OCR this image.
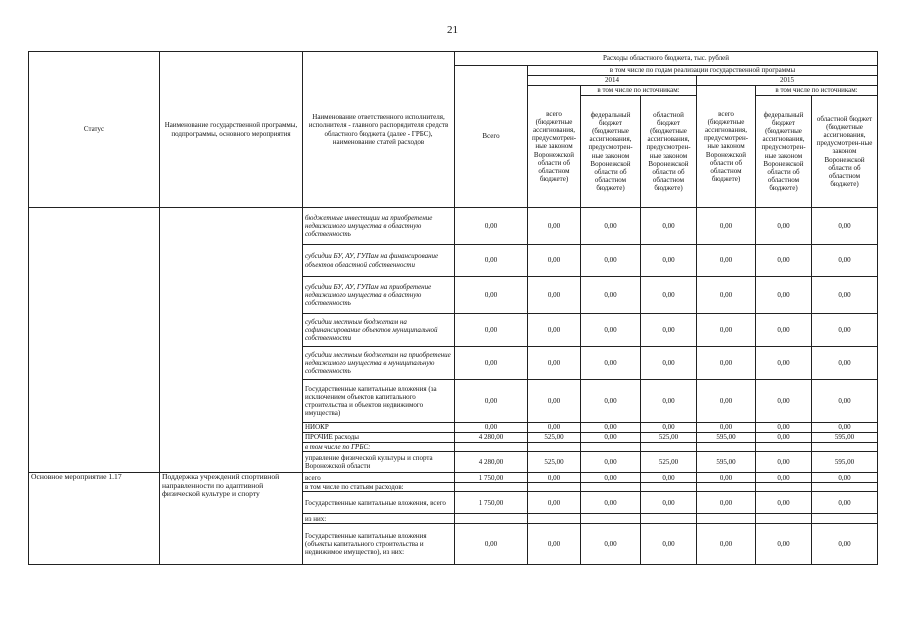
21
Статус	Наименование государственной программы, подпрограммы, основного мероприятия	Наименование ответственного исполнителя, исполнителя - главного распорядителя средств областного бюджета (далее - ГРБС), наименование статей расходов	Расходы областного бюджета, тыс. рублей						
			Всего	в том числе по годам реализации государственной программы					
				2014			2015		
				всего (бюджетные ассигнования, предусмотрен-ные законом Воронежской области об областном бюджете)	в том числе по источникам:		всего (бюджетные ассигнования, предусмотрен-ные законом Воронежской области об областном бюджете)	в том числе по источникам:	
					федеральный бюджет (бюджетные ассигнования, предусмотрен-ные законом Воронежской области об областном бюджете)	областной бюджет (бюджетные ассигнования, предусмотрен-ные законом Воронежской области об областном бюджете)		федеральный бюджет (бюджетные ассигнования, предусмотрен-ные законом Воронежской области об областном бюджете)	областной бюджет (бюджетные ассигнования, предусмотрен-ные законом Воронежской области об областном бюджете)
		бюджетные инвестиции на приобретение недвижимого имущества в областную собственность	0,00	0,00	0,00	0,00	0,00	0,00	0,00
		субсидии БУ, АУ, ГУПам на финансирование объектов областной собственности	0,00	0,00	0,00	0,00	0,00	0,00	0,00
		субсидии БУ, АУ, ГУПам на приобретение недвижимого имущества в областную собственность	0,00	0,00	0,00	0,00	0,00	0,00	0,00
		субсидии местным бюджетам на софинансирование объектов муниципальной собственности	0,00	0,00	0,00	0,00	0,00	0,00	0,00
		субсидии местным бюджетам на приобретение недвижимого имущества в муниципальную собственность	0,00	0,00	0,00	0,00	0,00	0,00	0,00
		Государственные капитальные вложения (за исключением объектов капитального строительства и объектов недвижимого имущества)	0,00	0,00	0,00	0,00	0,00	0,00	0,00
		НИОКР	0,00	0,00	0,00	0,00	0,00	0,00	0,00
		ПРОЧИЕ расходы	4 280,00	525,00	0,00	525,00	595,00	0,00	595,00
		в том числе по ГРБС:							
		управление физической культуры и спорта Воронежской области	4 280,00	525,00	0,00	525,00	595,00	0,00	595,00
Основное мероприятие 1.17	Поддержка учреждений спортивной направленности по адаптивной физической культуре и спорту	всего	1 750,00	0,00	0,00	0,00	0,00	0,00	0,00
		в том числе по статьям расходов:							
		Государственные капитальные вложения, всего	1 750,00	0,00	0,00	0,00	0,00	0,00	0,00
		из них:							
		Государственные капитальные вложения (объекты капитального строительства и недвижимое имущество), из них:	0,00	0,00	0,00	0,00	0,00	0,00	0,00
